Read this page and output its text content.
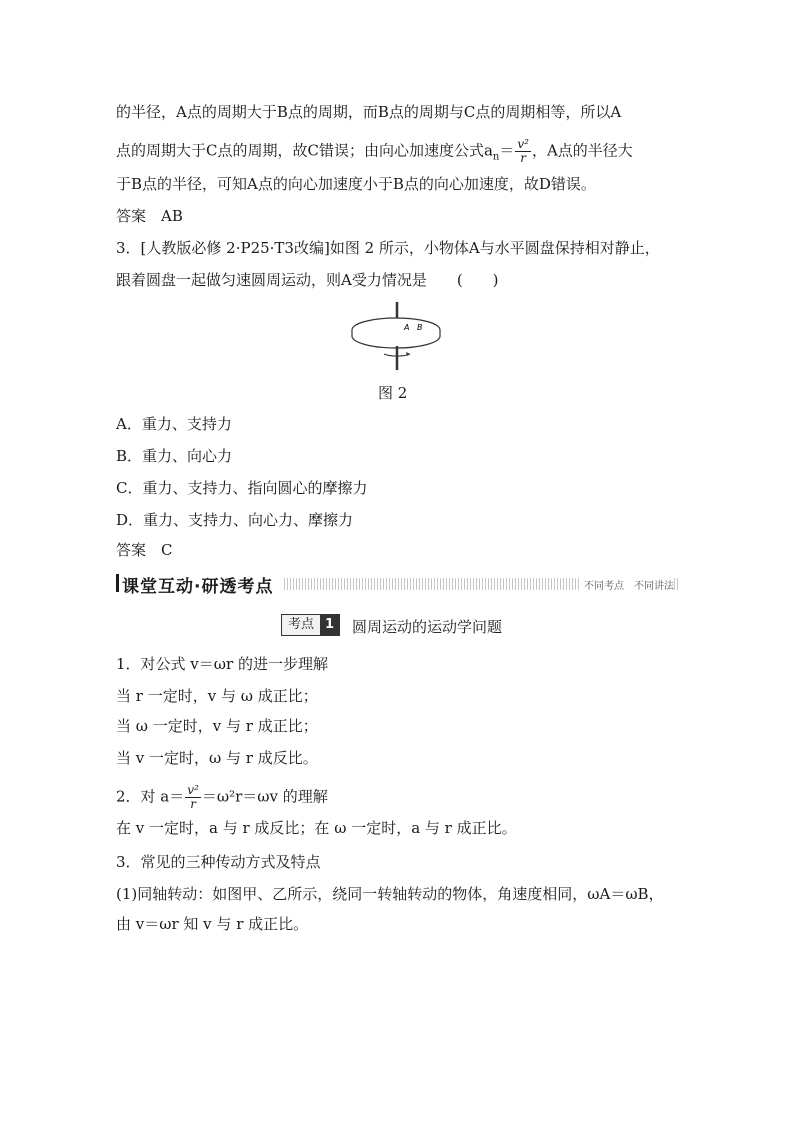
的半径，A点的周期大于B点的周期，而B点的周期与C点的周期相等，所以A
点的周期大于C点的周期，故C错误；由向心加速度公式$a_n= \frac{\text{v²}}{r}$ ，A点的半径大
于B点的半径，可知A点的向心加速度小于B点的向心加速度，故D错误。
答案　AB
3．[人教版必修 2·P25·T3改编]如图 2 所示，小物体A与水平圆盘保持相对静止，
跟着圆盘一起做匀速圆周运动，则A受力情况是　　(　　)
A B
图 2
A．重力、支持力
B．重力、向心力
C．重力、支持力、指向圆心的摩擦力
D．重力、支持力、向心力、摩擦力
答案　C
课堂互动·研透考点	不同考点　不同讲法
考点 1	圆周运动的运动学问题
1．对公式 v＝ωr 的进一步理解
当 r 一定时，v 与 ω 成正比；
当 ω 一定时，v 与 r 成正比；
当 v 一定时，ω 与 r 成反比。
2．对 $a= \frac{\text{v²}}{r} =\omega^2r=\omega v$ 的理解
在 v 一定时，a 与 r 成反比；在 ω 一定时，a 与 r 成正比。
3．常见的三种传动方式及特点
(1)同轴转动：如图甲、乙所示，绕同一转轴转动的物体，角速度相同，ωA＝ωB，
由 v＝ωr 知 v 与 r 成正比。
